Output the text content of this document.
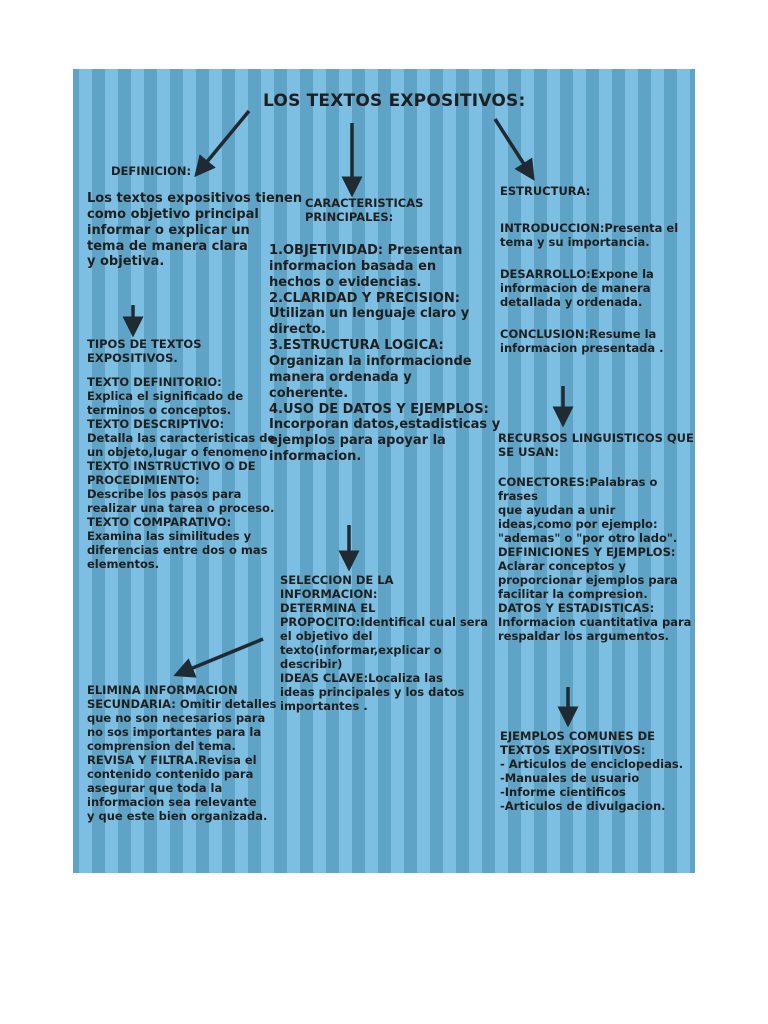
LOS TEXTOS EXPOSITIVOS:
DEFINICION:
Los textos expositivos tienen
como objetivo principal
informar o explicar un
tema de manera clara
y objetiva.
TIPOS DE TEXTOS
EXPOSITIVOS.
TEXTO DEFINITORIO:
Explica el significado de
terminos o conceptos.
TEXTO DESCRIPTIVO:
Detalla las caracteristicas de
un objeto,lugar o fenomeno
TEXTO INSTRUCTIVO O DE
PROCEDIMIENTO:
Describe los pasos para
realizar una tarea o proceso.
TEXTO COMPARATIVO:
Examina las similitudes y
diferencias entre dos o mas
elementos.
ELIMINA INFORMACION
SECUNDARIA: Omitir detalles
que no son necesarios para
no sos importantes para la
comprension del tema.
REVISA Y FILTRA.Revisa el
contenido contenido para
asegurar que toda la
informacion sea relevante
y que este bien organizada.
CARACTERISTICAS
PRINCIPALES:
1.OBJETIVIDAD: Presentan
informacion basada en
hechos o evidencias.
2.CLARIDAD Y PRECISION:
Utilizan un lenguaje claro y
directo.
3.ESTRUCTURA LOGICA:
Organizan la informacionde
manera ordenada y
coherente.
4.USO DE DATOS Y EJEMPLOS:
Incorporan datos,estadisticas y
ejemplos para apoyar la
informacion.
SELECCION DE LA
INFORMACION:
DETERMINA EL
PROPOCITO:Identifical cual sera
el objetivo del
texto(informar,explicar o
describir)
IDEAS CLAVE:Localiza las
ideas principales y los datos
importantes .
ESTRUCTURA:
INTRODUCCION:Presenta el
tema y su importancia.
DESARROLLO:Expone la
informacion de manera
detallada y ordenada.
CONCLUSION:Resume la
informacion presentada .
RECURSOS LINGUISTICOS QUE
SE USAN:
CONECTORES:Palabras o frases
que ayudan a unir
ideas,como por ejemplo:
"ademas" o "por otro lado".
DEFINICIONES Y EJEMPLOS:
Aclarar conceptos y
proporcionar ejemplos para
facilitar la compresion.
DATOS Y ESTADISTICAS:
Informacion cuantitativa para
respaldar los argumentos.
EJEMPLOS COMUNES DE
TEXTOS EXPOSITIVOS:
- Articulos de enciclopedias.
-Manuales de usuario
-Informe cientificos
-Articulos de divulgacion.
